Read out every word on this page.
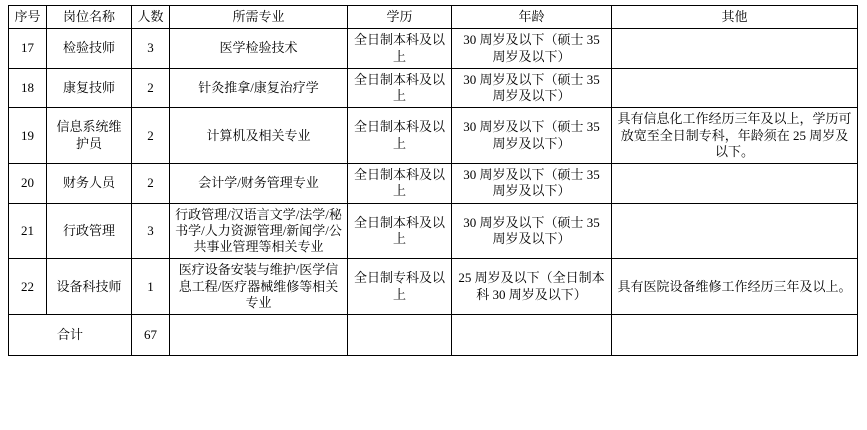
序号	岗位名称	人数	所需专业	学历	年龄	其他
17	检验技师	3	医学检验技术	全日制本科及以上	30 周岁及以下（硕士 35 周岁及以下）	
18	康复技师	2	针灸推拿/康复治疗学	全日制本科及以上	30 周岁及以下（硕士 35 周岁及以下）	
19	信息系统维护员	2	计算机及相关专业	全日制本科及以上	30 周岁及以下（硕士 35 周岁及以下）	具有信息化工作经历三年及以上，学历可放宽至全日制专科，年龄须在 25 周岁及以下。
20	财务人员	2	会计学/财务管理专业	全日制本科及以上	30 周岁及以下（硕士 35 周岁及以下）	
21	行政管理	3	行政管理/汉语言文学/法学/秘书学/人力资源管理/新闻学/公共事业管理等相关专业	全日制本科及以上	30 周岁及以下（硕士 35 周岁及以下）	
22	设备科技师	1	医疗设备安装与维护/医学信息工程/医疗器械维修等相关专业	全日制专科及以上	25 周岁及以下（全日制本科 30 周岁及以下）	具有医院设备维修工作经历三年及以上。
合计		67				
